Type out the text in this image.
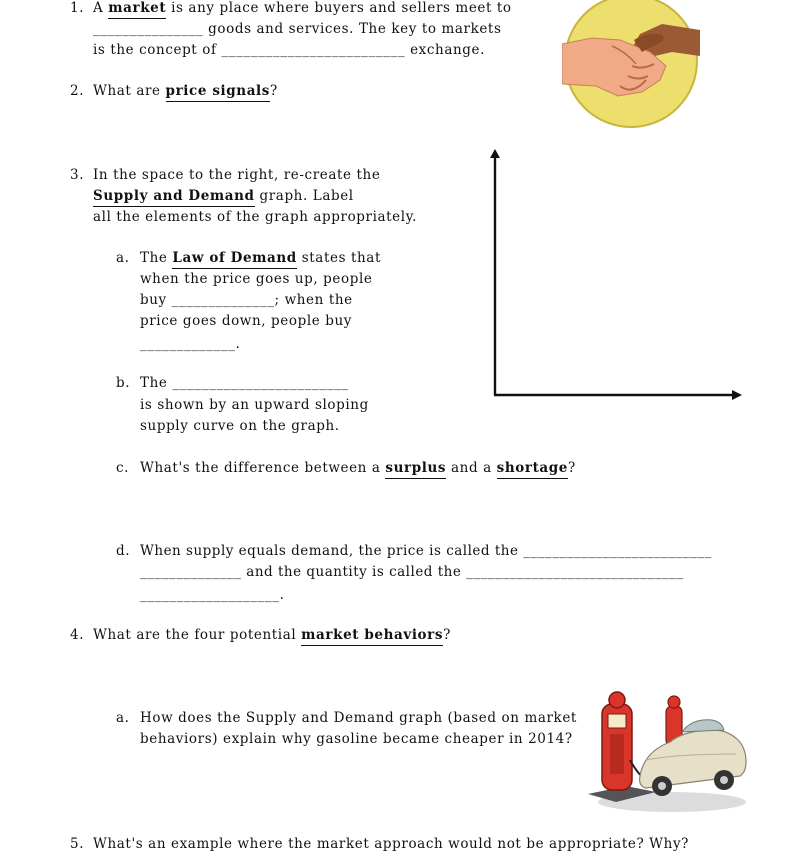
1. A market is any place where buyers and sellers meet to
_______________ goods and services. The key to markets
is the concept of _________________________ exchange.
2. What are price signals?
3. In the space to the right, re-create the
Supply and Demand graph. Label
all the elements of the graph appropriately.
a. The Law of Demand states that
when the price goes up, people
buy ______________; when the
price goes down, people buy
_____________.
b. The ________________________
is shown by an upward sloping
supply curve on the graph.
c. What's the difference between a surplus and a shortage?
d. When supply equals demand, the price is called the __________________________
______________ and the quantity is called the ______________________________
___________________.
4. What are the four potential market behaviors?
a. How does the Supply and Demand graph (based on market
behaviors) explain why gasoline became cheaper in 2014?
5. What's an example where the market approach would not be appropriate? Why?
